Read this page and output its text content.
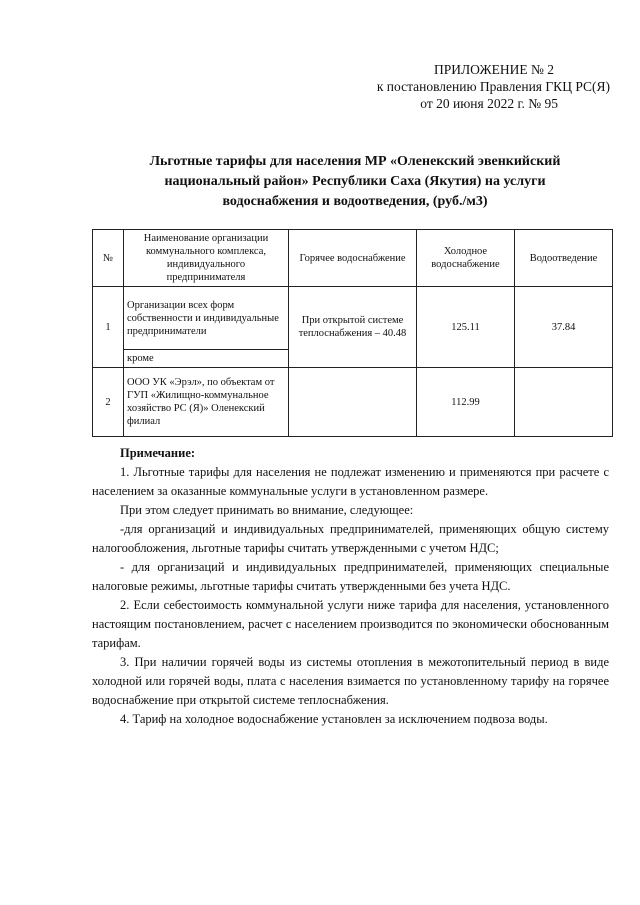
ПРИЛОЖЕНИЕ № 2
к постановлению Правления ГКЦ РС(Я)
от 20 июня 2022 г. № 95
Льготные тарифы для населения МР «Оленекский эвенкийский национальный район» Республики Саха (Якутия) на услуги водоснабжения и водоотведения, (руб./м3)
№	Наименование организации коммунального комплекса, индивидуального предпринимателя	Горячее водоснабжение	Холодное водоснабжение	Водоотведение
1	Организации всех форм собственности и индивидуальные предприниматели	При открытой системе теплоснабжения – 40.48	125.11	37.84
	кроме			
2	ООО УК «Эрэл», по объектам от ГУП «Жилищно-коммунальное хозяйство РС (Я)» Оленекский филиал		112.99	

Примечание:

1. Льготные тарифы для населения не подлежат изменению и применяются при расчете с населением за оказанные коммунальные услуги в установленном размере.

При этом следует принимать во внимание, следующее:

-для организаций и индивидуальных предпринимателей, применяющих общую систему налогообложения, льготные тарифы считать утвержденными с учетом НДС;

- для организаций и индивидуальных предпринимателей, применяющих специальные налоговые режимы, льготные тарифы считать утвержденными без учета НДС.

2. Если себестоимость коммунальной услуги ниже тарифа для населения, установленного настоящим постановлением, расчет с населением производится по экономически обоснованным тарифам.

3. При наличии горячей воды из системы отопления в межотопительный период в виде холодной или горячей воды, плата с населения взимается по установленному тарифу на горячее водоснабжение при открытой системе теплоснабжения.

4. Тариф на холодное водоснабжение установлен за исключением подвоза воды.
